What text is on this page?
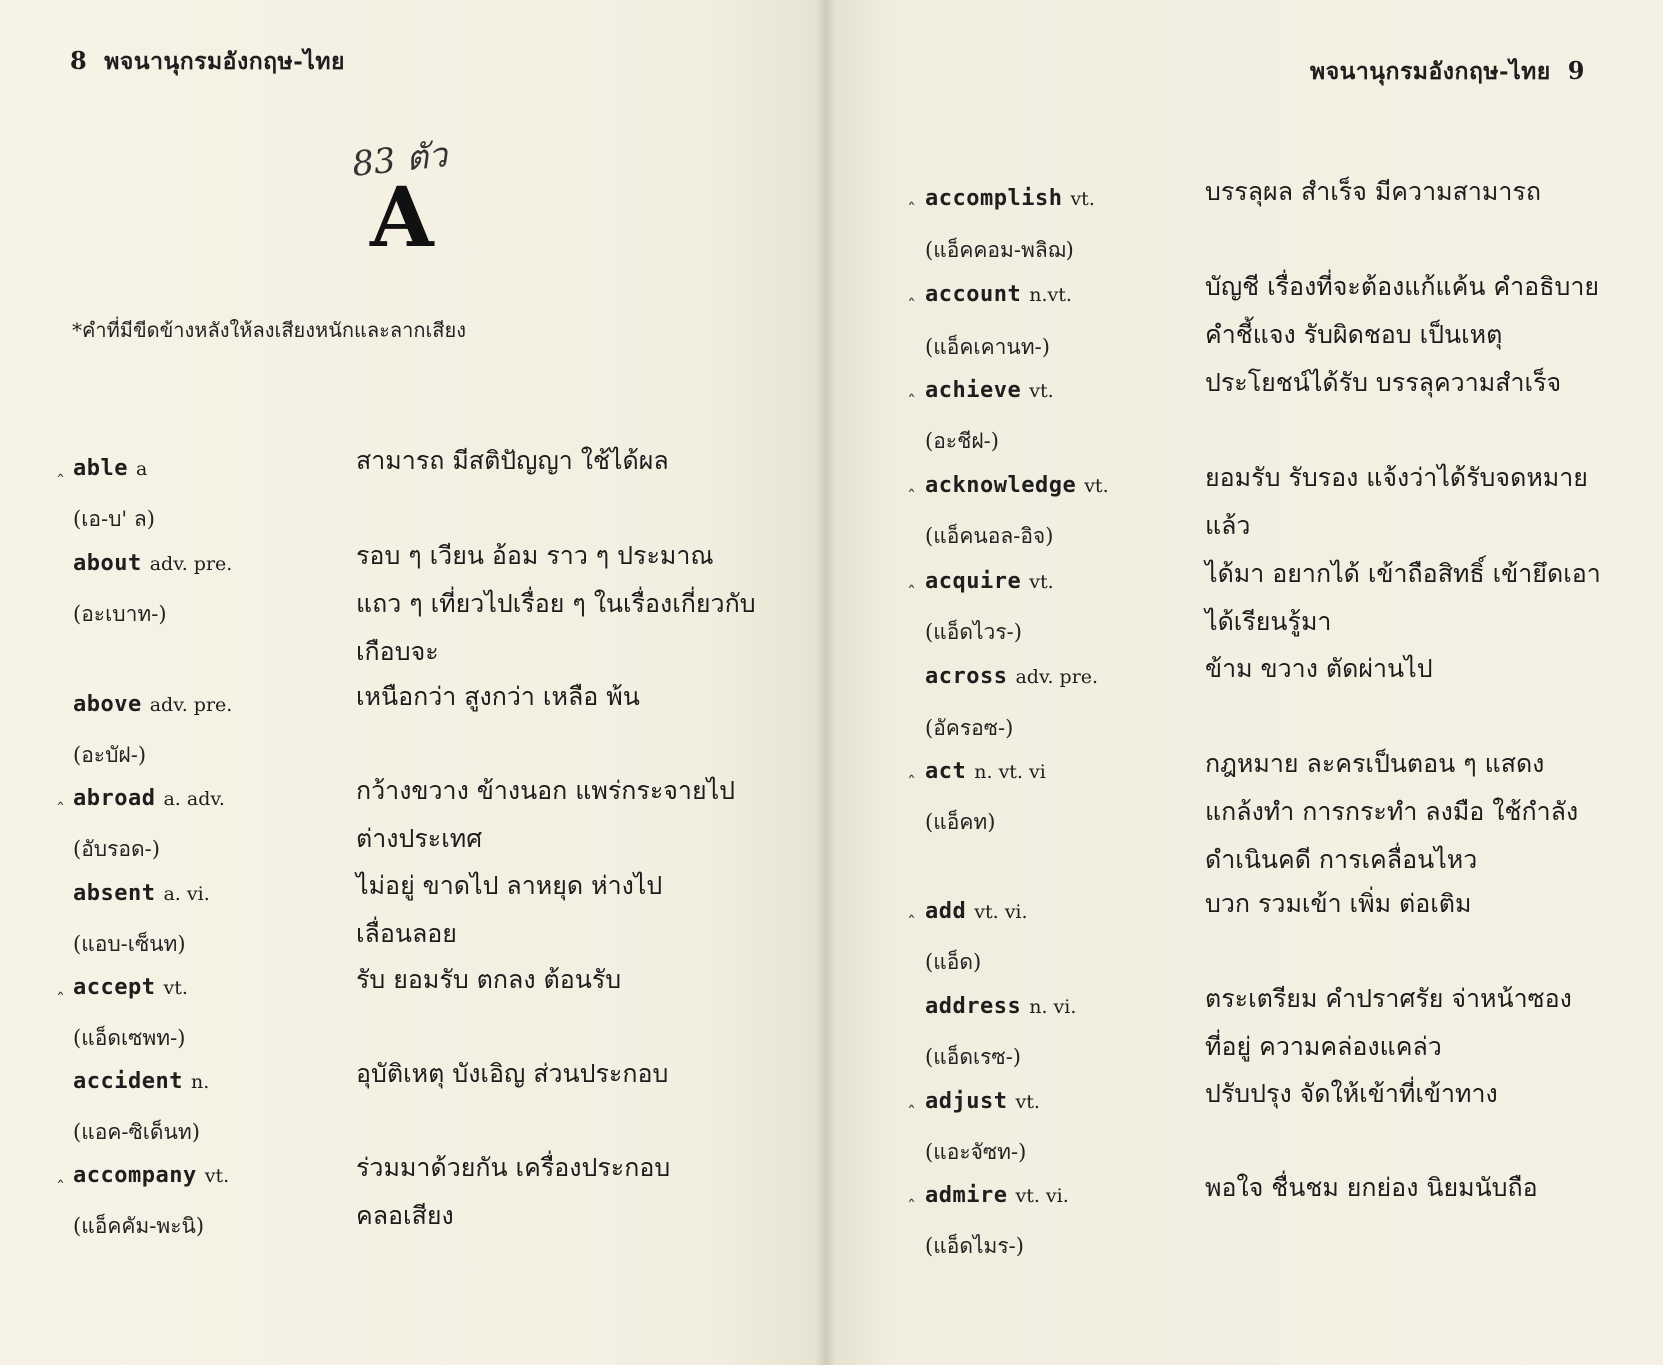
8 พจนานุกรมอังกฤษ-ไทย
83 ตัว
A
*คำที่มีขีดข้างหลังให้ลงเสียงหนักและลากเสียง
ˆ
able a
(เอ-บ' ล)
สามารถ มีสติปัญญา ใช้ได้ผล
about adv. pre.
(อะเบาท-)
รอบ ๆ เวียน อ้อม ราว ๆ ประมาณ
แถว ๆ เที่ยวไปเรื่อย ๆ ในเรื่องเกี่ยวกับ
เกือบจะ
above adv. pre.
(อะบัฝ-)
เหนือกว่า สูงกว่า เหลือ พ้น
ˆ abroad a. adv.
(อับรอด-)
กว้างขวาง ข้างนอก แพร่กระจายไป
ต่างประเทศ
absent a. vi.
(แอบ-เซ็นท)
ไม่อยู่ ขาดไป ลาหยุด ห่างไป
เลื่อนลอย
ˆ
accept vt.
(แอ็ดเซพท-)
รับ ยอมรับ ตกลง ต้อนรับ
accident n.
(แอค-ซิเด็นท)
อุบัติเหตุ บังเอิญ ส่วนประกอบ
ˆ
accompany vt.
(แอ็คคัม-พะนิ)
ร่วมมาด้วยกัน เครื่องประกอบ
คลอเสียง
พจนานุกรมอังกฤษ-ไทย 9
ˆ accomplish vt.
(แอ็คคอม-พลิฌ)
บรรลุผล สำเร็จ มีความสามารถ
ˆ account n.vt.
(แอ็คเคานท-)
บัญชี เรื่องที่จะต้องแก้แค้น คำอธิบาย
คำชี้แจง รับผิดชอบ เป็นเหตุ
ˆ achieve vt.
(อะชีฝ-)
ประโยชน์ได้รับ บรรลุความสำเร็จ
ˆ acknowledge vt.
(แอ็คนอล-อิจ)
ยอมรับ รับรอง แจ้งว่าได้รับจดหมาย
แล้ว
ˆ acquire vt.
(แอ็ดไวร-)
ได้มา อยากได้ เข้าถือสิทธิ์ เข้ายึดเอา
ได้เรียนรู้มา
across adv. pre.
(อัครอซ-)
ข้าม ขวาง ตัดผ่านไป
ˆ act n. vt. vi
(แอ็คท)
กฎหมาย ละครเป็นตอน ๆ แสดง
แกล้งทำ การกระทำ ลงมือ ใช้กำลัง
ดำเนินคดี การเคลื่อนไหว
ˆ add vt. vi.
(แอ็ด)
บวก รวมเข้า เพิ่ม ต่อเติม
address n. vi.
(แอ็ดเรซ-)
ตระเตรียม คำปราศรัย จ่าหน้าซอง
ที่อยู่ ความคล่องแคล่ว
ˆ adjust vt.
(แอะจัซท-)
ปรับปรุง จัดให้เข้าที่เข้าทาง
ˆ admire vt. vi.
(แอ็ดไมร-)
พอใจ ชื่นชม ยกย่อง นิยมนับถือ
